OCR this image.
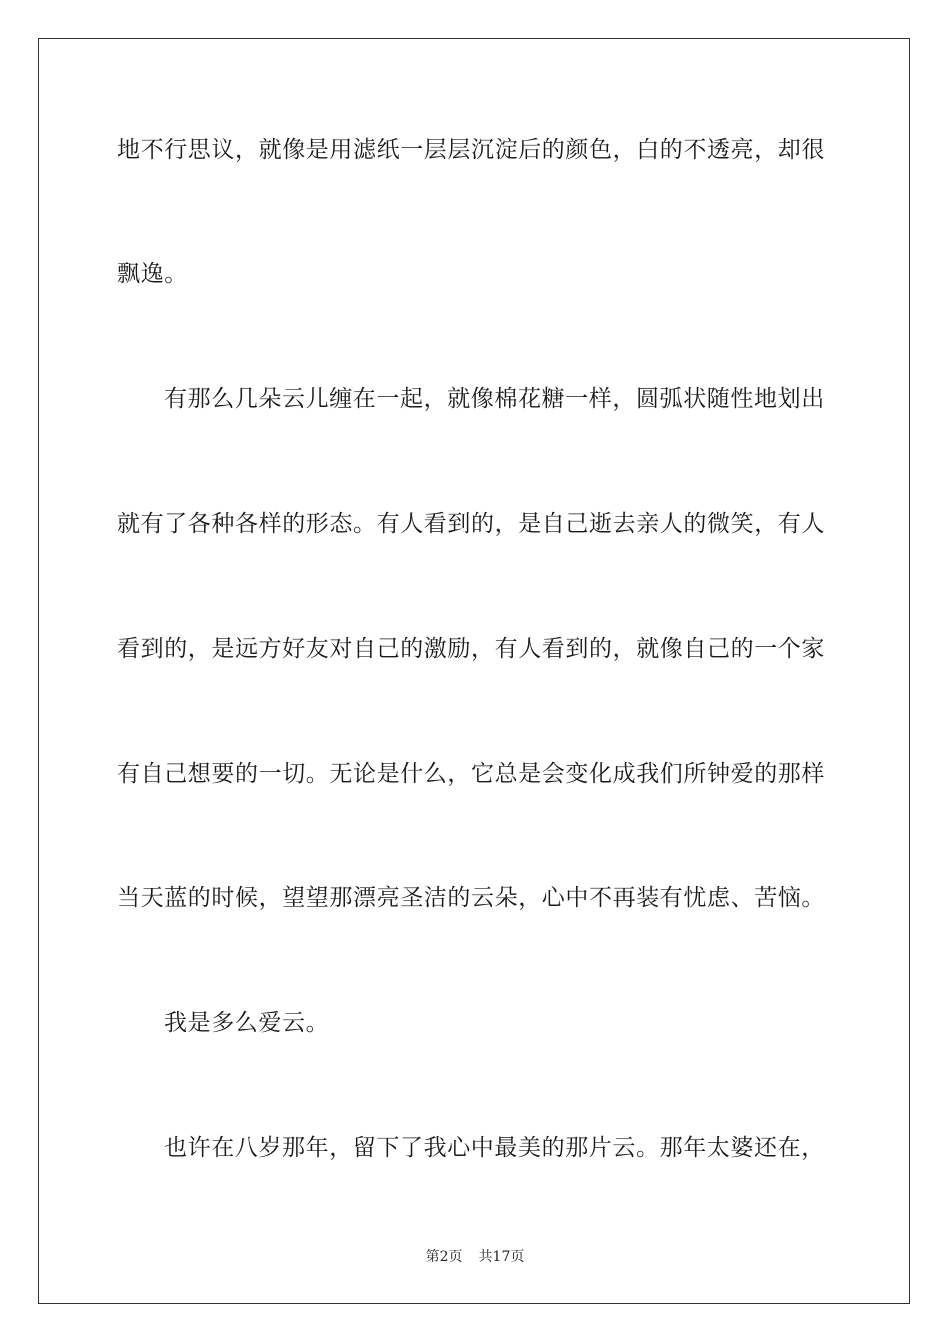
地不行思议，就像是用滤纸一层层沉淀后的颜色，白的不透亮，却很
飘逸。
有那么几朵云儿缠在一起，就像棉花糖一样，圆弧状随性地划出
就有了各种各样的形态。有人看到的，是自己逝去亲人的微笑，有人
看到的，是远方好友对自己的激励，有人看到的，就像自己的一个家
有自己想要的一切。无论是什么，它总是会变化成我们所钟爱的那样
当天蓝的时候，望望那漂亮圣洁的云朵，心中不再装有忧虑、苦恼。
我是多么爱云。
也许在八岁那年，留下了我心中最美的那片云。那年太婆还在，
第2页 共17页
